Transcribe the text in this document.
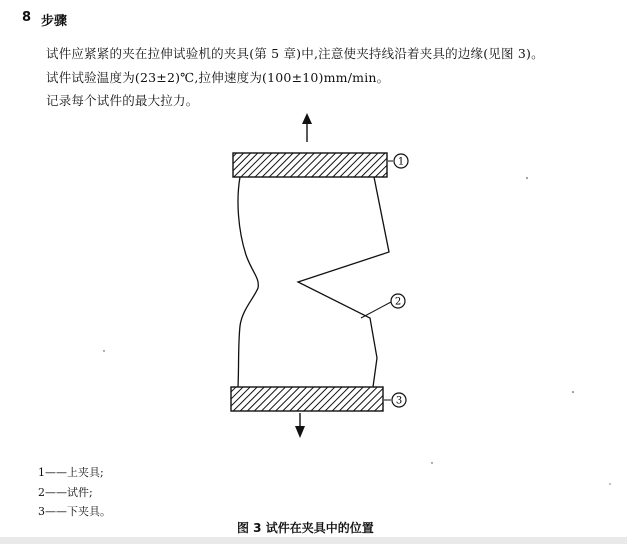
8 步骤
试件应紧紧的夹在拉伸试验机的夹具(第 5 章)中,注意使夹持线沿着夹具的边缘(见图 3)。
试件试验温度为(23±2)℃,拉伸速度为(100±10)mm/min。
记录每个试件的最大拉力。
1
2
3
1——上夹具;
2——试件;
3——下夹具。
图 3 试件在夹具中的位置
